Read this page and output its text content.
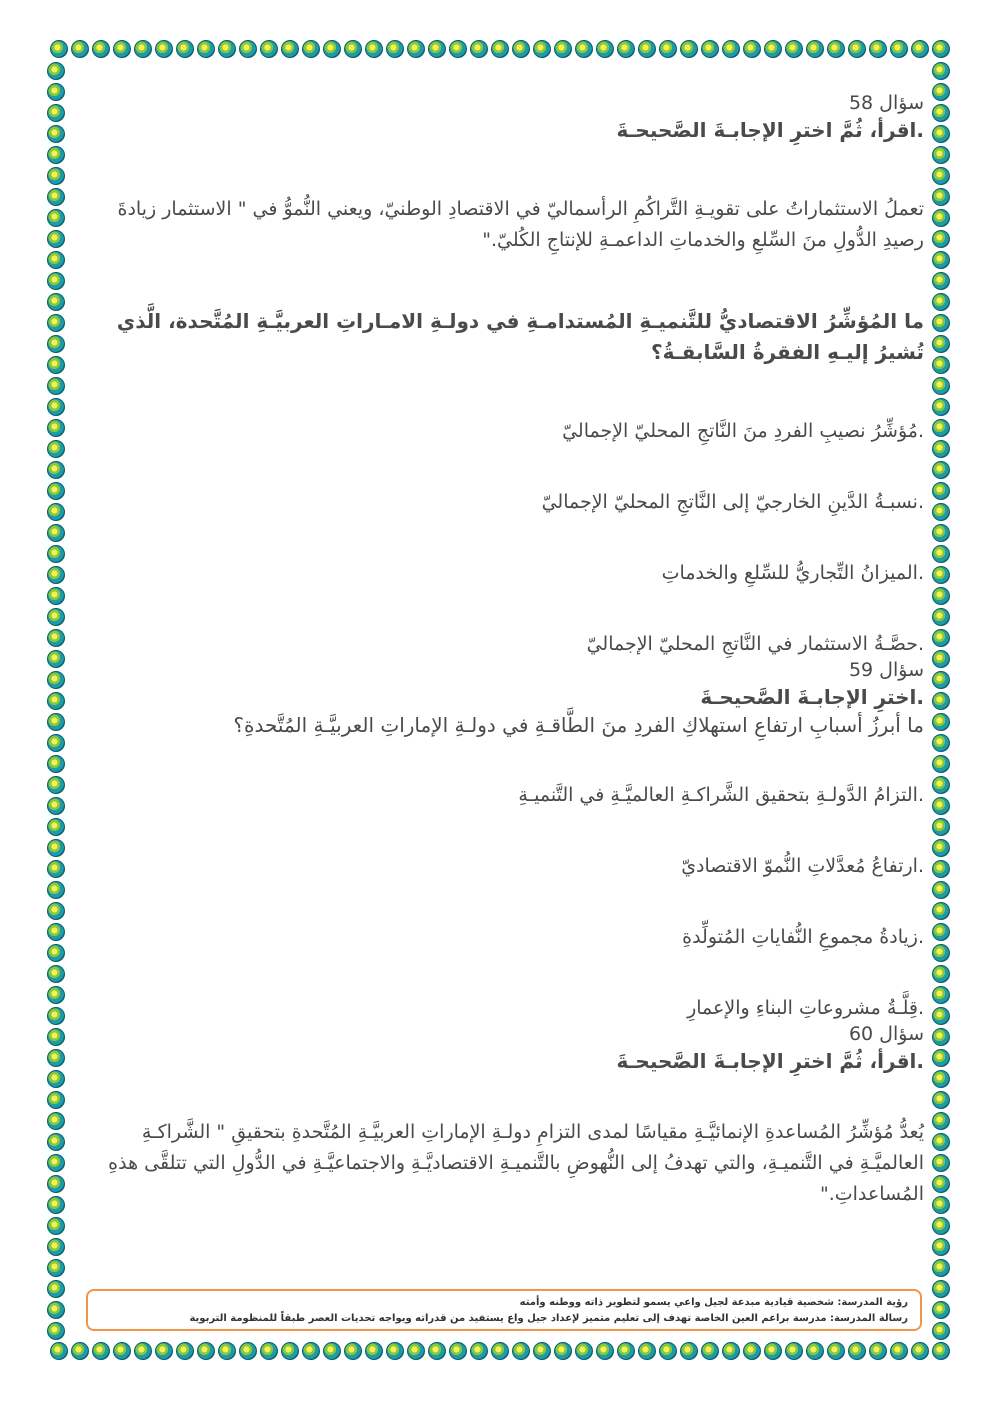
سؤال 58
.اقرأ، ثُمَّ اخترِ الإجابـةَ الصَّحيحـةَ
تعملُ الاستثماراتُ على تقويـةِ التَّراكُمِ الرأسماليّ في الاقتصادِ الوطنيّ، ويعني النُّموُّ في " الاستثمار زيادةَ رصيدِ الدُّولِ منَ السِّلعِ والخدماتِ الداعمـةِ للإنتاجِ الكُليّ."
ما المُؤشِّرُ الاقتصاديُّ للتَّنميـةِ المُستدامـةِ في دولـةِ الامـاراتِ العربيَّـةِ المُتَّحدة، الَّذي تُشيرُ إليـهِ الفقرةُ السَّابقـةُ؟
.مُؤشِّرُ نصيبِ الفردِ منَ النَّاتجِ المحليّ الإجماليّ
.نسبـةُ الدَّينِ الخارجيّ إلى النَّاتجِ المحليّ الإجماليّ
.الميزانُ التِّجاريُّ للسِّلعِ والخدماتِ
.حصَّـةُ الاستثمار في النَّاتجِ المحليّ الإجماليّ
سؤال 59
.اخترِ الإجابـةَ الصَّحيحـةَ
ما أبرزُ أسبابِ ارتفاعِ استهلاكِ الفردِ منَ الطَّاقـةِ في دولـةِ الإماراتِ العربيَّـةِ المُتَّحدةِ؟
.التزامُ الدَّولـةِ بتحقيق الشَّراكـةِ العالميَّـةِ في التَّنميـةِ
.ارتفاعُ مُعدَّلاتِ النُّموّ الاقتصاديّ
.زيادةُ مجموعِ النُّفاياتِ المُتولِّدةِ
.قِلَّـةُ مشروعاتِ البناءِ والإعمارِ
سؤال 60
.اقرأ، ثُمَّ اخترِ الإجابـةَ الصَّحيحـةَ
يُعدُّ مُؤشِّرُ المُساعدةِ الإنمائيَّـةِ مقياسًا لمدى التزامِ دولـةِ الإماراتِ العربيَّـةِ المُتَّحدةِ بتحقيقِ " الشَّراكـةِ العالميَّـةِ في التَّنميـةِ، والتي تهدفُ إلى النُّهوضِ بالتَّنميـةِ الاقتصاديَّـةِ والاجتماعيَّـةِ في الدُّولِ التي تتلقَّى هذهِ المُساعداتِ."
رؤية المدرسة: شخصية قيادية مبدعة لجيل واعي يسمو لتطوير ذاته ووطنه وأمته
رسالة المدرسة: مدرسة براعم العين الخاصة تهدف إلى تعليم متميز لإعداد جيل واع يستفيد من قدراته ويواجه تحديات العصر طبقاً للمنظومة التربوية
